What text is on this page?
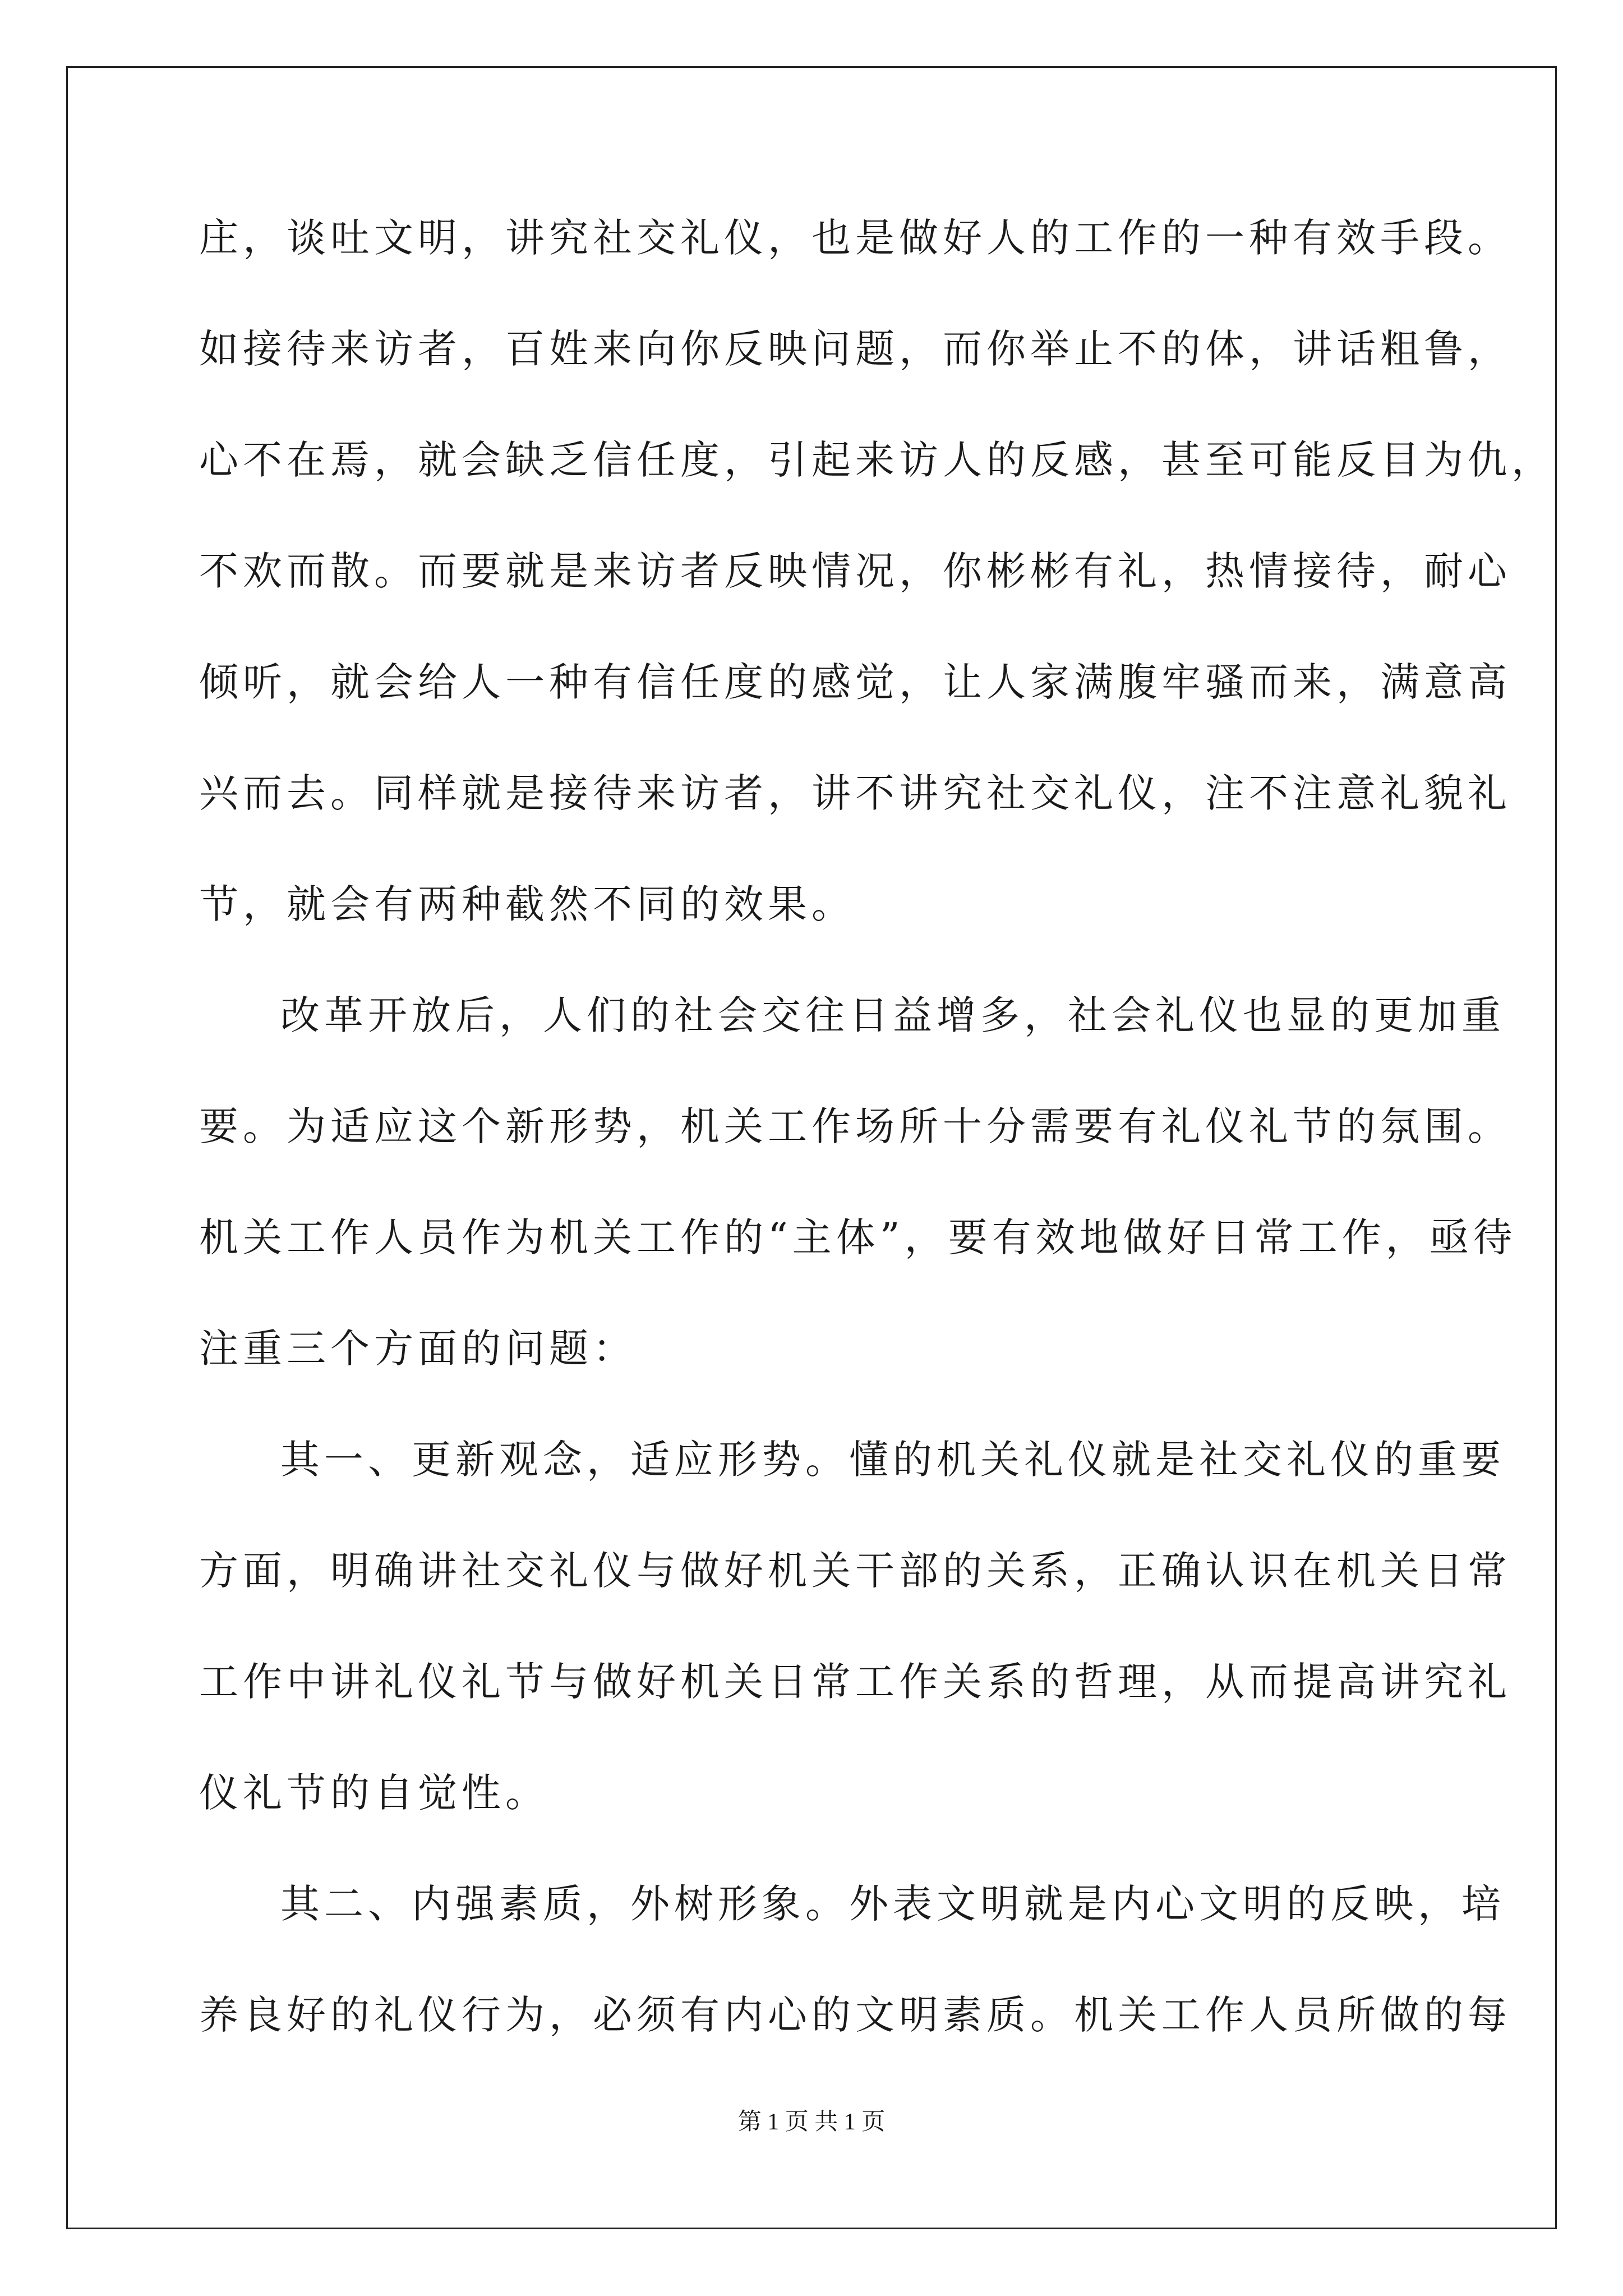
庄，谈吐文明，讲究社交礼仪，也是做好人的工作的一种有效手段。
如接待来访者，百姓来向你反映问题，而你举止不的体，讲话粗鲁，
心不在焉，就会缺乏信任度，引起来访人的反感，甚至可能反目为仇，
不欢而散。而要就是来访者反映情况，你彬彬有礼，热情接待，耐心
倾听，就会给人一种有信任度的感觉，让人家满腹牢骚而来，满意高
兴而去。同样就是接待来访者，讲不讲究社交礼仪，注不注意礼貌礼
节，就会有两种截然不同的效果。
改革开放后，人们的社会交往日益增多，社会礼仪也显的更加重
要。为适应这个新形势，机关工作场所十分需要有礼仪礼节的氛围。
机关工作人员作为机关工作的“主体”，要有效地做好日常工作，亟待
注重三个方面的问题：
其一、更新观念，适应形势。懂的机关礼仪就是社交礼仪的重要
方面，明确讲社交礼仪与做好机关干部的关系，正确认识在机关日常
工作中讲礼仪礼节与做好机关日常工作关系的哲理，从而提高讲究礼
仪礼节的自觉性。
其二、内强素质，外树形象。外表文明就是内心文明的反映，培
养良好的礼仪行为，必须有内心的文明素质。机关工作人员所做的每
第 1 页 共 1 页
